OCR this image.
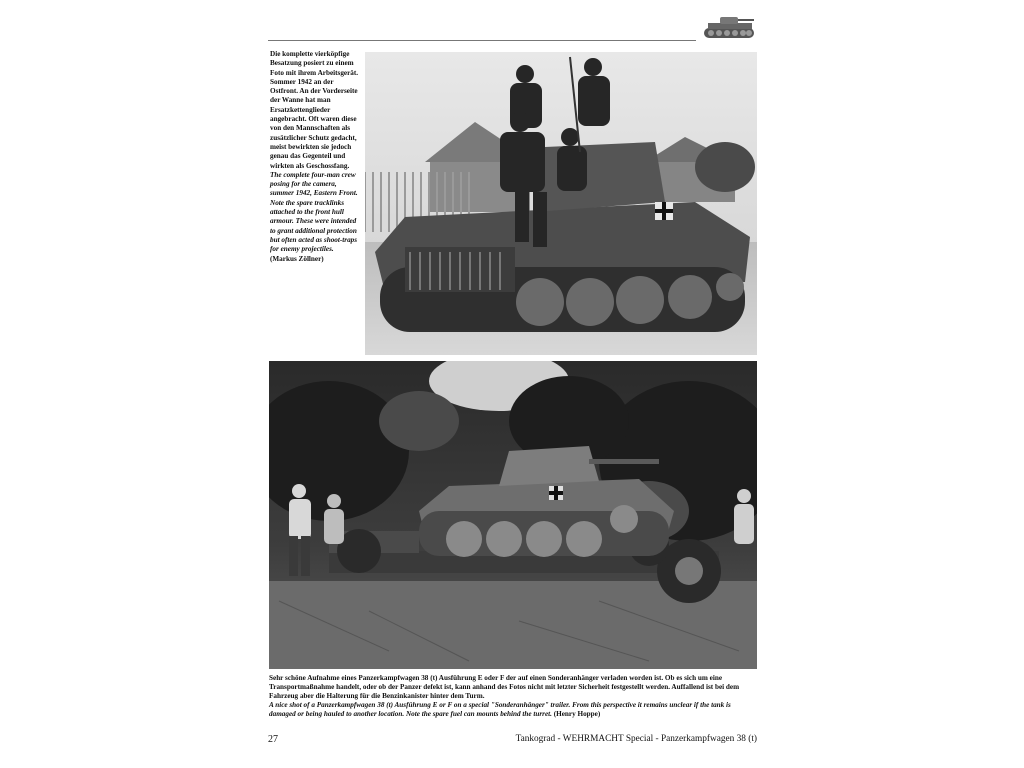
Die komplette vierköpfige Besatzung posiert zu einem Foto mit ihrem Arbeitsgerät. Sommer 1942 an der Ostfront. An der Vorderseite der Wanne hat man Ersatzkettenglieder angebracht. Oft waren diese von den Mannschaften als zusätzlicher Schutz gedacht, meist bewirkten sie jedoch genau das Gegenteil und wirkten als Geschossfang.
The complete four-man crew posing for the camera, summer 1942, Eastern Front. Note the spare tracklinks attached to the front hull armour. These were intended to grant additional protection but often acted as shoot-traps for enemy projectiles.
(Markus Zöllner)
Sehr schöne Aufnahme eines Panzerkampfwagen 38 (t) Ausführung E oder F der auf einen Sonderanhänger verladen worden ist. Ob es sich um eine Transportmaßnahme handelt, oder ob der Panzer defekt ist, kann anhand des Fotos nicht mit letzter Sicherheit festgestellt werden. Auffallend ist bei dem Fahrzeug aber die Halterung für die Benzinkanister hinter dem Turm.
A nice shot of a Panzerkampfwagen 38 (t) Ausführung E or F on a special "Sonderanhänger" trailer. From this perspective it remains unclear if the tank is damaged or being hauled to another location. Note the spare fuel can mounts behind the turret. (Henry Hoppe)
27	Tankograd - WEHRMACHT Special - Panzerkampfwagen 38 (t)
